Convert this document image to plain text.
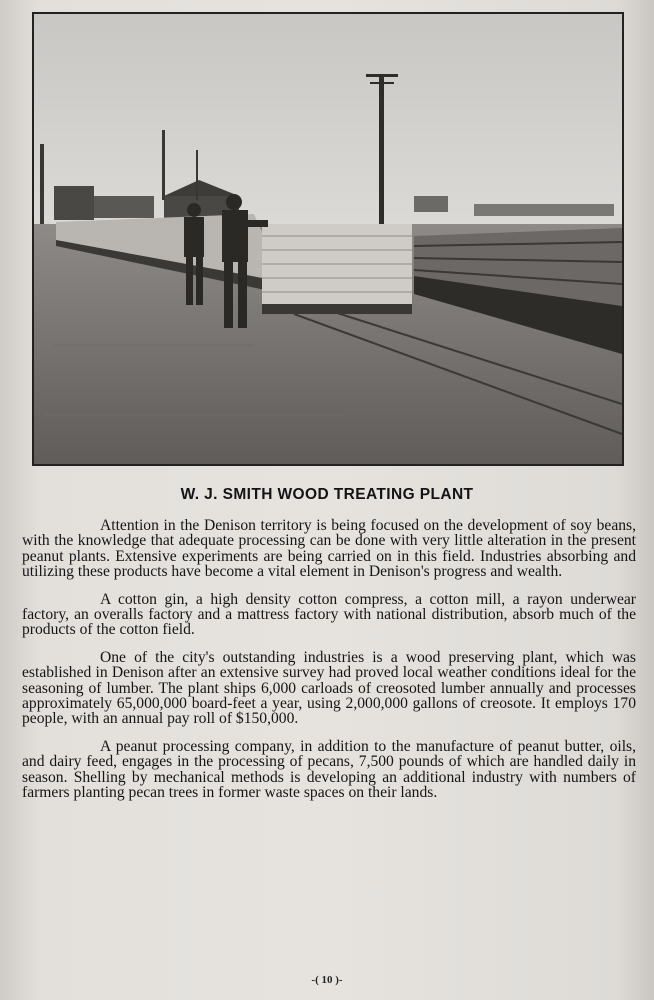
W. J. SMITH WOOD TREATING PLANT

Attention in the Denison territory is being focused on the development of soy beans, with the knowledge that adequate processing can be done with very little alteration in the present peanut plants. Extensive experiments are being carried on in this field. Industries absorbing and utilizing these products have become a vital element in Denison's progress and wealth.

A cotton gin, a high density cotton compress, a cotton mill, a rayon underwear factory, an overalls factory and a mattress factory with national distribution, absorb much of the products of the cotton field.

One of the city's outstanding industries is a wood preserving plant, which was established in Denison after an extensive survey had proved local weather conditions ideal for the seasoning of lumber. The plant ships 6,000 carloads of creosoted lumber annually and processes approximately 65,000,000 board-feet a year, using 2,000,000 gallons of creosote. It employs 170 people, with an annual pay roll of $150,000.

A peanut processing company, in addition to the manufacture of peanut butter, oils, and dairy feed, engages in the processing of pecans, 7,500 pounds of which are handled daily in season. Shelling by mechanical methods is developing an additional industry with numbers of farmers planting pecan trees in former waste spaces on their lands.

-( 10 )-
